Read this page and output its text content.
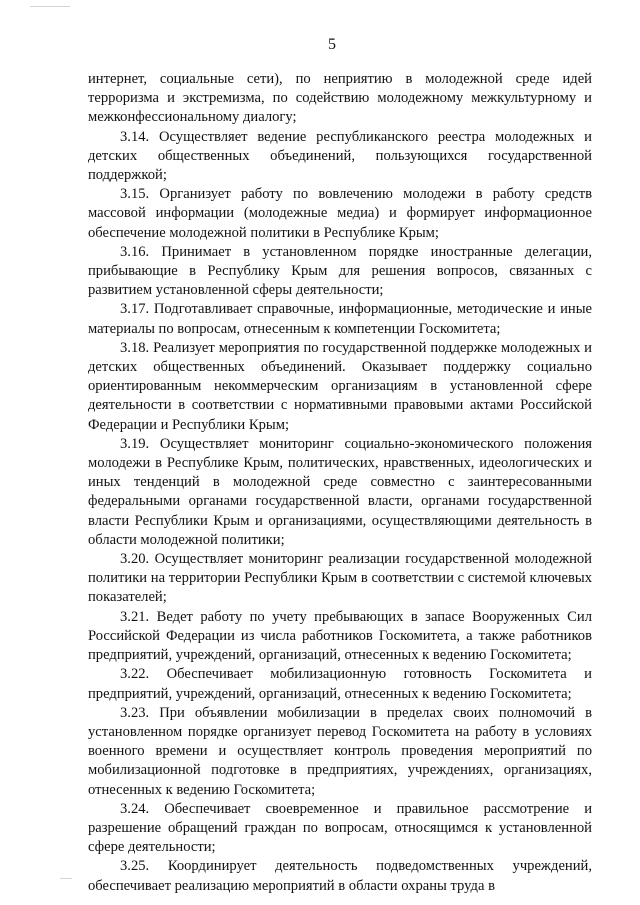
5

интернет, социальные сети), по неприятию в молодежной среде идей терроризма и экстремизма, по содействию молодежному межкультурному и межконфессиональному диалогу;

3.14. Осуществляет ведение республиканского реестра молодежных и детских общественных объединений, пользующихся государственной поддержкой;

3.15. Организует работу по вовлечению молодежи в работу средств массовой информации (молодежные медиа) и формирует информационное обеспечение молодежной политики в Республике Крым;

3.16. Принимает в установленном порядке иностранные делегации, прибывающие в Республику Крым для решения вопросов, связанных с развитием установленной сферы деятельности;

3.17. Подготавливает справочные, информационные, методические и иные материалы по вопросам, отнесенным к компетенции Госкомитета;

3.18. Реализует мероприятия по государственной поддержке молодежных и детских общественных объединений. Оказывает поддержку социально ориентированным некоммерческим организациям в установленной сфере деятельности в соответствии с нормативными правовыми актами Российской Федерации и Республики Крым;

3.19. Осуществляет мониторинг социально-экономического положения молодежи в Республике Крым, политических, нравственных, идеологических и иных тенденций в молодежной среде совместно с заинтересованными федеральными органами государственной власти, органами государственной власти Республики Крым и организациями, осуществляющими деятельность в области молодежной политики;

3.20. Осуществляет мониторинг реализации государственной молодежной политики на территории Республики Крым в соответствии с системой ключевых показателей;

3.21. Ведет работу по учету пребывающих в запасе Вооруженных Сил Российской Федерации из числа работников Госкомитета, а также работников предприятий, учреждений, организаций, отнесенных к ведению Госкомитета;

3.22. Обеспечивает мобилизационную готовность Госкомитета и предприятий, учреждений, организаций, отнесенных к ведению Госкомитета;

3.23. При объявлении мобилизации в пределах своих полномочий в установленном порядке организует перевод Госкомитета на работу в условиях военного времени и осуществляет контроль проведения мероприятий по мобилизационной подготовке в предприятиях, учреждениях, организациях, отнесенных к ведению Госкомитета;

3.24. Обеспечивает своевременное и правильное рассмотрение и разрешение обращений граждан по вопросам, относящимся к установленной сфере деятельности;

3.25. Координирует деятельность подведомственных учреждений, обеспечивает реализацию мероприятий в области охраны труда в
